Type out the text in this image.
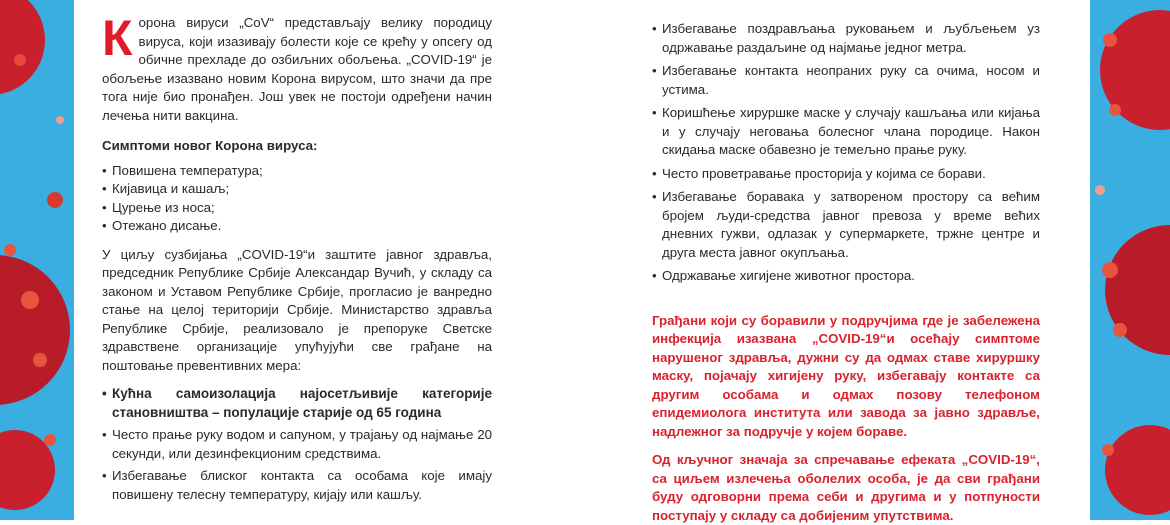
К орона вируси „CoV“ представљају велику породицу вируса, који изазивају болести које се крећу у опсегу од обичне прехладе до озбиљних обољења. „COVID-19“ је обољење изазвано новим Корона вирусом, што значи да пре тога није био пронађен. Још увек не постоји одређени начин лечења нити вакцина.

Симптоми новог Корона вируса:

• Повишена температура;
• Кијавица и кашаљ;
• Цурење из носа;
• Отежано дисање.

У циљу сузбијања „COVID-19“и заштите јавног здравља, председник Републике Србије Александар Вучић, у складу са законом и Уставом Републике Србије, прогласио је ванредно стање на целој територији Србије. Министарство здравља Републике Србије, реализовало је препоруке Светске здравствене организације упућујући све грађане на поштовање превентивних мера:

• Кућна самоизолација најосетљивије категорије становништва – популације старије од 65 година
• Често прање руку водом и сапуном, у трајању од најмање 20 секунди, или дезинфекционим средствима.
• Избегавање блиског контакта са особама које имају повишену телесну температуру, кијају или кашљу.
• Избегавање поздрављања руковањем и љубљењем уз одржавање раздаљине од најмање једног метра.
• Избегавање контакта неопраних руку са очима, носом и устима.
• Коришћење хируршке маске у случају кашљања или кијања и у случају неговања болесног члана породице. Након скидања маске обавезно је темељно прање руку.
• Често проветравање просторија у којима се борави.
• Избегавање боравака у затвореном простору са већим бројем људи-средства јавног превоза у време већих дневних гужви, одлазак у супермаркете, тржне центре и друга места јавног окупљања.
• Одржавање хигијене животног простора.

Грађани који су боравили у подручјима где је забележена инфекција изазвана „COVID-19“и осећају симптоме нарушеног здравља, дужни су да одмах ставе хируршку маску, појачају хигијену руку, избегавају контакте са другим особама и одмах позову телефоном епидемиолога института или завода за јавно здравље, надлежног за подручје у којем бораве.

Од кључног значаја за спречавање ефеката „COVID-19“, са циљем излечења оболелих особа, је да сви грађани буду одговорни према себи и другима и у потпуности поступају у складу са добијеним упутствима.
